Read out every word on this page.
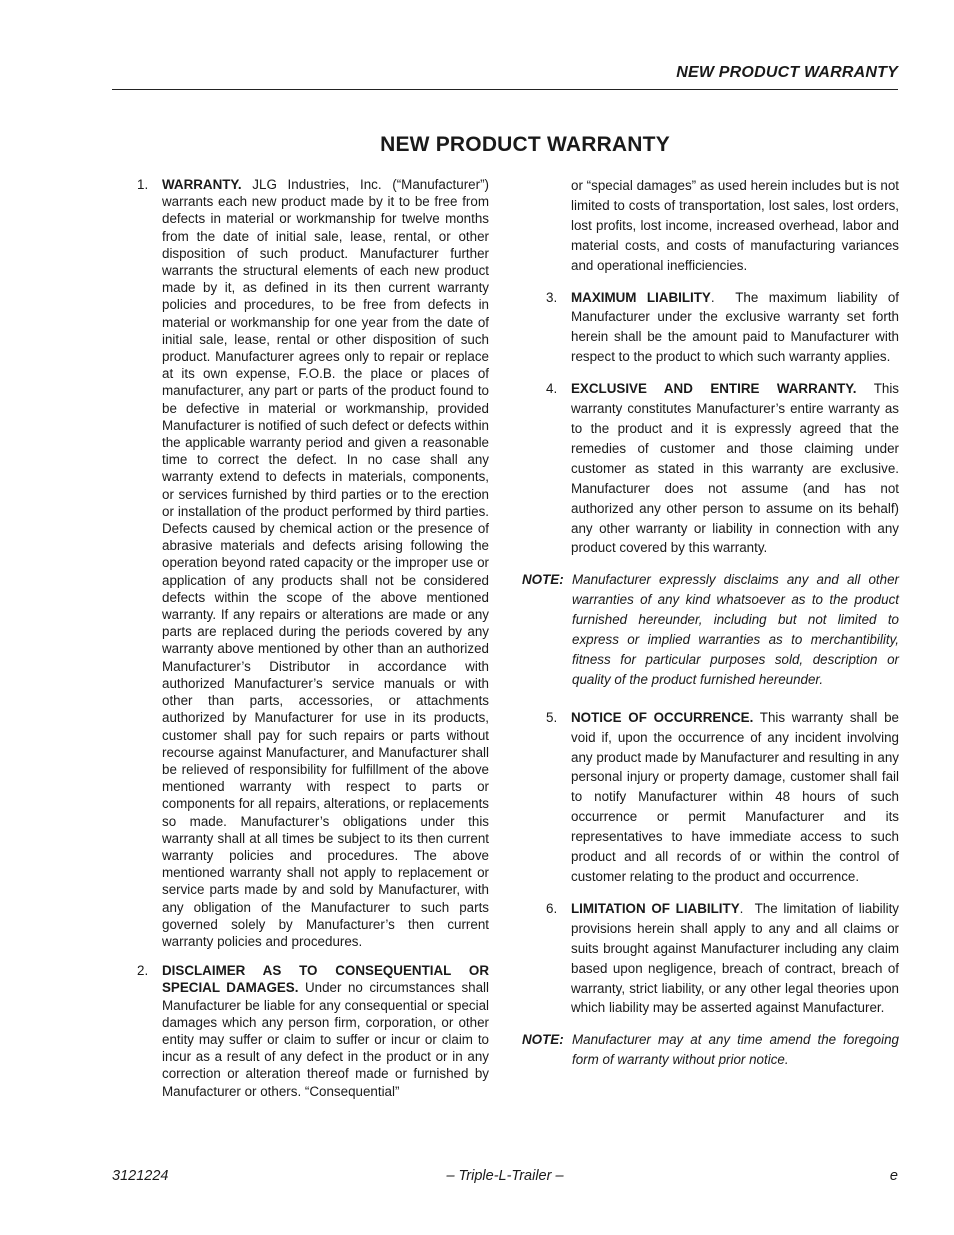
NEW PRODUCT WARRANTY
NEW PRODUCT WARRANTY
1. WARRANTY. JLG Industries, Inc. (“Manufacturer”) warrants each new product made by it to be free from defects in material or workmanship for twelve months from the date of initial sale, lease, rental, or other disposition of such product. Manufacturer further warrants the structural elements of each new product made by it, as defined in its then current warranty policies and procedures, to be free from defects in material or workmanship for one year from the date of initial sale, lease, rental or other disposition of such product. Manufacturer agrees only to repair or replace at its own expense, F.O.B. the place or places of manufacturer, any part or parts of the product found to be defective in material or workmanship, provided Manufacturer is notified of such defect or defects within the applicable warranty period and given a reasonable time to correct the defect. In no case shall any warranty extend to defects in materials, components, or services furnished by third parties or to the erection or installation of the product performed by third parties. Defects caused by chemical action or the presence of abrasive materials and defects arising following the operation beyond rated capacity or the improper use or application of any products shall not be considered defects within the scope of the above mentioned warranty. If any repairs or alterations are made or any parts are replaced during the periods covered by any warranty above mentioned by other than an authorized Manufacturer’s Distributor in accordance with authorized Manufacturer’s service manuals or with other than parts, accessories, or attachments authorized by Manufacturer for use in its products, customer shall pay for such repairs or parts without recourse against Manufacturer, and Manufacturer shall be relieved of responsibility for fulfillment of the above mentioned warranty with respect to parts or components for all repairs, alterations, or replacements so made. Manufacturer’s obligations under this warranty shall at all times be subject to its then current warranty policies and procedures. The above mentioned warranty shall not apply to replacement or service parts made by and sold by Manufacturer, with any obligation of the Manufacturer to such parts governed solely by Manufacturer’s then current warranty policies and procedures.
2. DISCLAIMER AS TO CONSEQUENTIAL OR SPECIAL DAMAGES. Under no circumstances shall Manufacturer be liable for any consequential or special damages which any person firm, corporation, or other entity may suffer or claim to suffer or incur or claim to incur as a result of any defect in the product or in any correction or alteration thereof made or furnished by Manufacturer or others. “Consequential”
or “special damages” as used herein includes but is not limited to costs of transportation, lost sales, lost orders, lost profits, lost income, increased overhead, labor and material costs, and costs of manufacturing variances and operational inefficiencies.
3. MAXIMUM LIABILITY.  The maximum liability of Manufacturer under the exclusive warranty set forth herein shall be the amount paid to Manufacturer with respect to the product to which such warranty applies.
4. EXCLUSIVE AND ENTIRE WARRANTY. This warranty constitutes Manufacturer’s entire warranty as to the product and it is expressly agreed that the remedies of customer and those claiming under customer as stated in this warranty are exclusive. Manufacturer does not assume (and has not authorized any other person to assume on its behalf) any other warranty or liability in connection with any product covered by this warranty.
NOTE: Manufacturer expressly disclaims any and all other warranties of any kind whatsoever as to the product furnished hereunder, including but not limited to express or implied warranties as to merchantibility, fitness for particular purposes sold, description or quality of the product furnished hereunder.
5. NOTICE OF OCCURRENCE. This warranty shall be void if, upon the occurrence of any incident involving any product made by Manufacturer and resulting in any personal injury or property damage, customer shall fail to notify Manufacturer within 48 hours of such occurrence or permit Manufacturer and its representatives to have immediate access to such product and all records of or within the control of customer relating to the product and occurrence.
6. LIMITATION OF LIABILITY.  The limitation of liability provisions herein shall apply to any and all claims or suits brought against Manufacturer including any claim based upon negligence, breach of contract, breach of warranty, strict liability, or any other legal theories upon which liability may be asserted against Manufacturer.
NOTE: Manufacturer may at any time amend the foregoing form of warranty without prior notice.
3121224	– Triple-L-Trailer –	e
